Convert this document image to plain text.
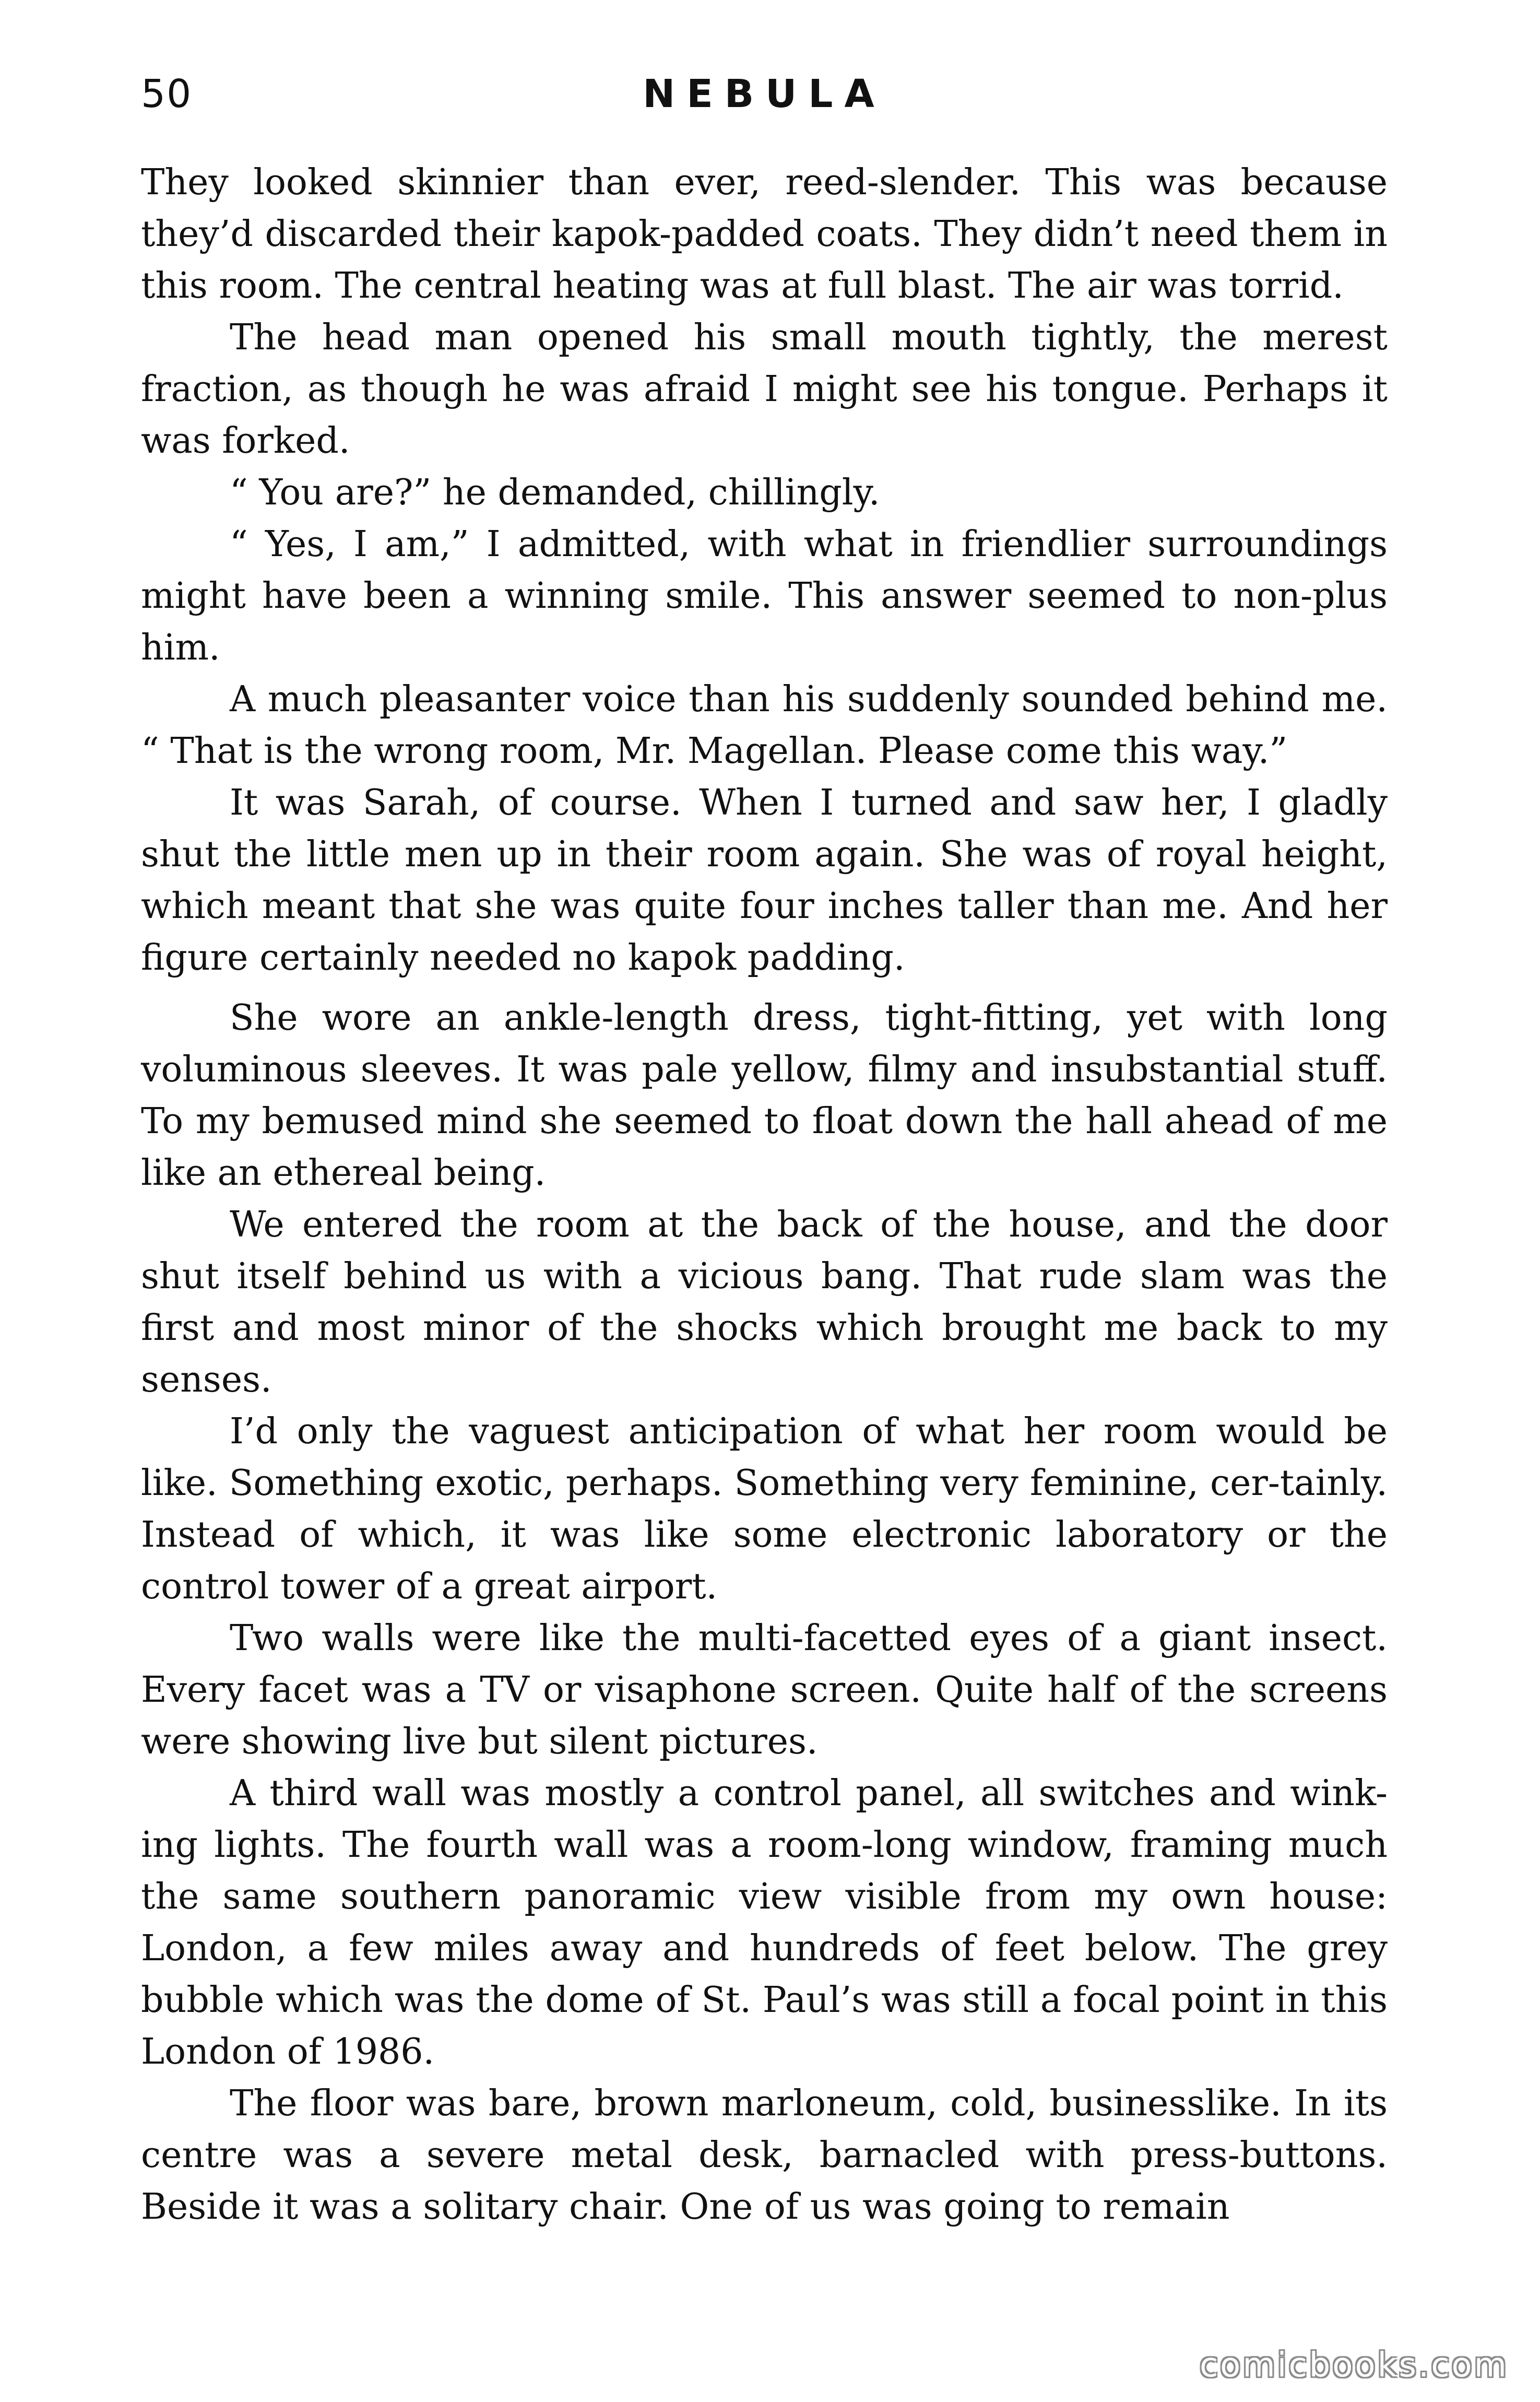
50	NEBULA

They looked skinnier than ever, reed-slender. This was because they’d discarded their kapok-padded coats. They didn’t need them in this room. The central heating was at full blast. The air was torrid.

The head man opened his small mouth tightly, the merest fraction, as though he was afraid I might see his tongue. Perhaps it was forked.

“ You are?” he demanded, chillingly.

“ Yes, I am,” I admitted, with what in friendlier surroundings might have been a winning smile. This answer seemed to non-plus him.

A much pleasanter voice than his suddenly sounded behind me. “ That is the wrong room, Mr. Magellan. Please come this way.”

It was Sarah, of course. When I turned and saw her, I gladly shut the little men up in their room again. She was of royal height, which meant that she was quite four inches taller than me. And her figure certainly needed no kapok padding.

She wore an ankle-length dress, tight-fitting, yet with long voluminous sleeves. It was pale yellow, filmy and insubstantial stuff. To my bemused mind she seemed to float down the hall ahead of me like an ethereal being.

We entered the room at the back of the house, and the door shut itself behind us with a vicious bang. That rude slam was the first and most minor of the shocks which brought me back to my senses.

I’d only the vaguest anticipation of what her room would be like. Something exotic, perhaps. Something very feminine, cer-tainly. Instead of which, it was like some electronic laboratory or the control tower of a great airport.

Two walls were like the multi-facetted eyes of a giant insect. Every facet was a TV or visaphone screen. Quite half of the screens were showing live but silent pictures.

A third wall was mostly a control panel, all switches and wink-ing lights. The fourth wall was a room-long window, framing much the same southern panoramic view visible from my own house: London, a few miles away and hundreds of feet below. The grey bubble which was the dome of St. Paul’s was still a focal point in this London of 1986.

The floor was bare, brown marloneum, cold, businesslike. In its centre was a severe metal desk, barnacled with press-buttons. Beside it was a solitary chair. One of us was going to remain

comicbooks.com
